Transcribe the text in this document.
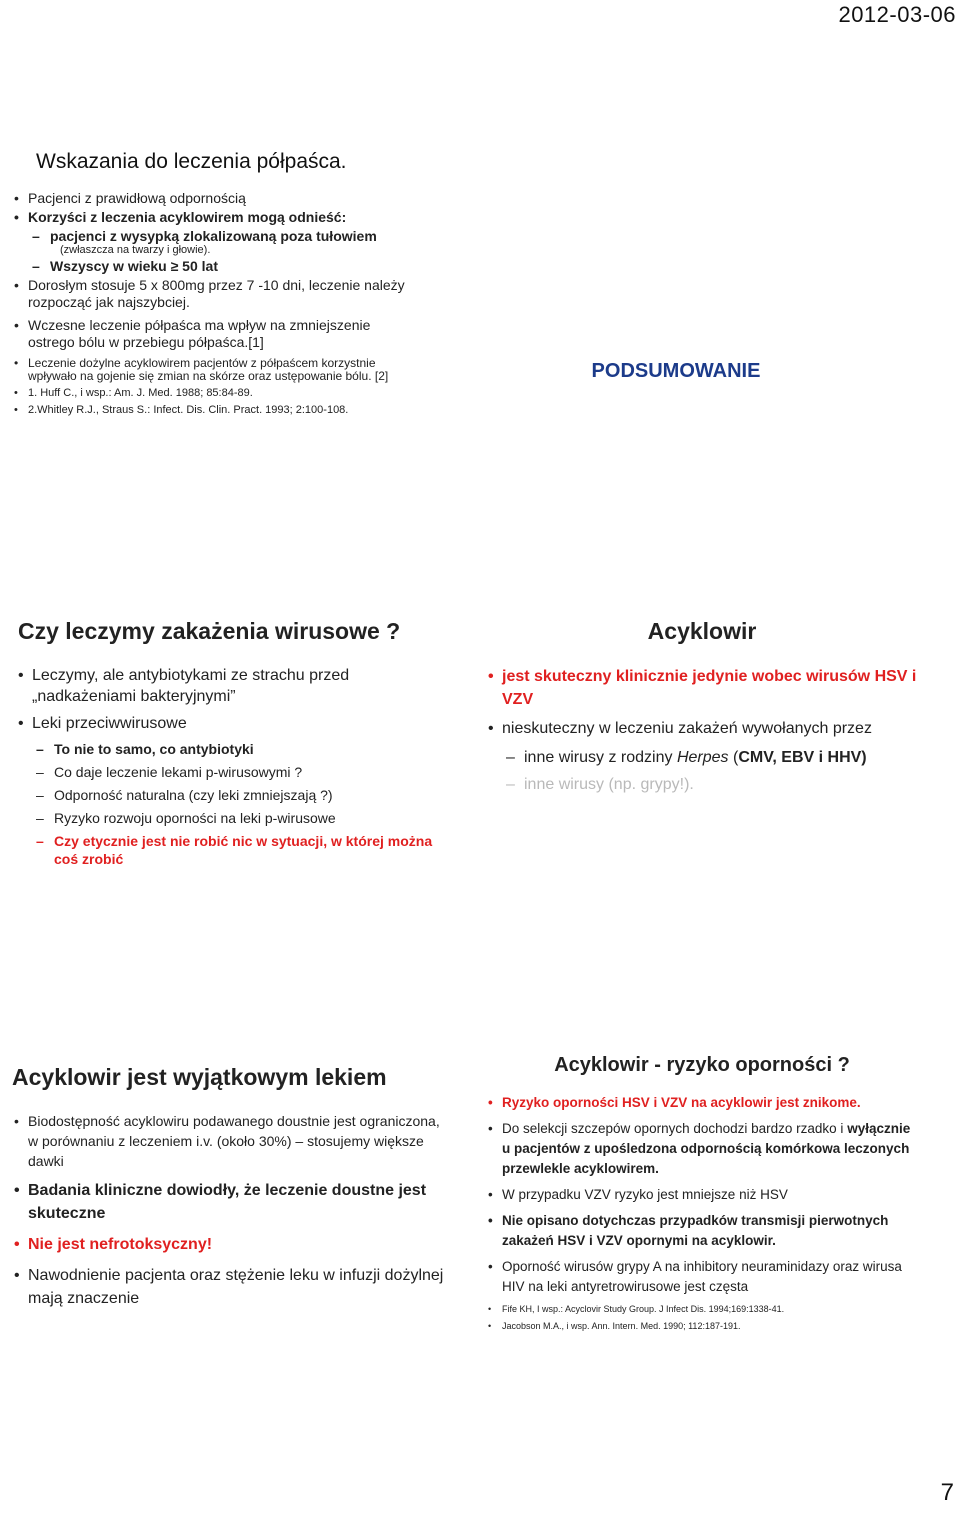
2012-03-06
Wskazania do leczenia półpaśca.
• Pacjenci z prawidłową odpornością
• Korzyści z leczenia acyklowirem mogą odnieść:
– pacjenci z wysypką zlokalizowaną poza tułowiem
(zwłaszcza na twarzy i głowie).
– Wszyscy w wieku ≥ 50 lat
• Dorosłym stosuje 5 x 800mg przez 7 -10 dni, leczenie należy rozpocząć jak najszybciej.
• Wczesne leczenie półpaśca ma wpływ na zmniejszenie ostrego bólu w przebiegu półpaśca.[1]
• Leczenie dożylne acyklowirem pacjentów z półpaścem korzystnie wpływało na gojenie się zmian na skórze oraz ustępowanie bólu. [2]
• 1. Huff C., i wsp.: Am. J. Med. 1988; 85:84-89.
• 2.Whitley R.J., Straus S.: Infect. Dis. Clin. Pract. 1993; 2:100-108.
PODSUMOWANIE
Czy leczymy zakażenia wirusowe ?
• Leczymy, ale antybiotykami ze strachu przed „nadkażeniami bakteryjnymi”
• Leki przeciwwirusowe
– To nie to samo, co antybiotyki
– Co daje leczenie lekami p-wirusowymi ?
– Odporność naturalna (czy leki zmniejszają ?)
– Ryzyko rozwoju oporności na leki p-wirusowe
– Czy etycznie jest nie robić nic w sytuacji, w której można coś zrobić
Acyklowir
• jest skuteczny klinicznie jedynie wobec wirusów HSV i VZV
• nieskuteczny w leczeniu zakażeń wywołanych przez
– inne wirusy z rodziny Herpes (CMV, EBV i HHV)
– inne wirusy (np. grypy!).
Acyklowir jest wyjątkowym lekiem
• Biodostępność acyklowiru podawanego doustnie jest ograniczona, w porównaniu z leczeniem i.v. (około 30%) – stosujemy większe dawki
• Badania kliniczne dowiodły, że leczenie doustne jest skuteczne
• Nie jest nefrotoksyczny!
• Nawodnienie pacjenta oraz stężenie leku w infuzji dożylnej mają znaczenie
Acyklowir - ryzyko oporności ?
• Ryzyko oporności HSV i VZV na acyklowir jest znikome.
• Do selekcji szczepów opornych dochodzi bardzo rzadko i wyłącznie u pacjentów z upośledzona odpornością komórkowa leczonych przewlekle acyklowirem.
• W przypadku VZV ryzyko jest mniejsze niż HSV
• Nie opisano dotychczas przypadków transmisji pierwotnych zakażeń HSV i VZV opornymi na acyklowir.
• Oporność wirusów grypy A na inhibitory neuraminidazy oraz wirusa HIV na leki antyretrowirusowe jest częsta
• Fife KH, I wsp.: Acyclovir Study Group. J Infect Dis. 1994;169:1338-41.
• Jacobson M.A., i wsp. Ann. Intern. Med. 1990; 112:187-191.
7
